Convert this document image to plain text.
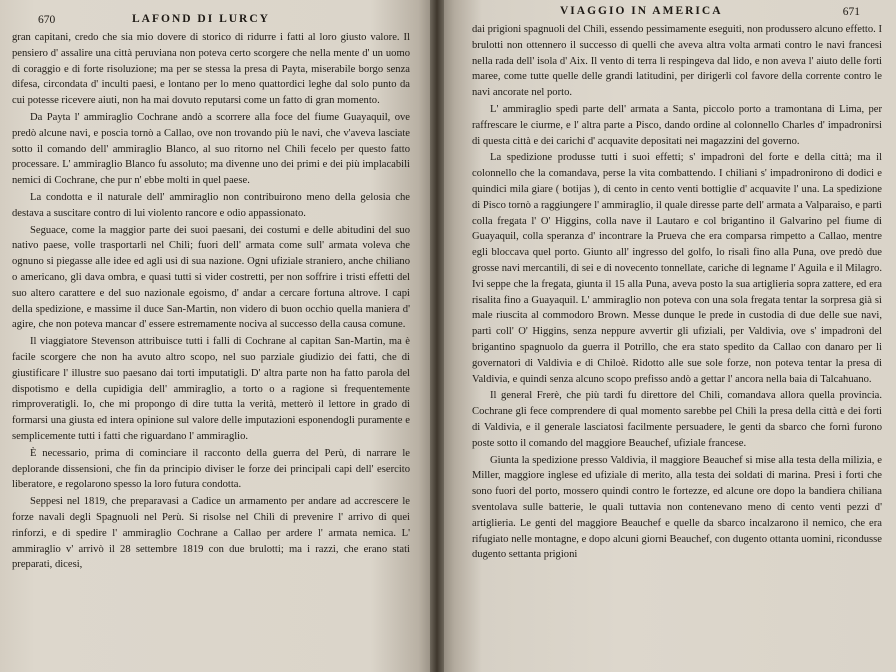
670	LAFOND DI LURCY

gran capitani, credo che sia mio dovere di storico di ridurre i fatti al loro giusto valore. Il pensiero d' assalire una città peruviana non poteva certo scorgere che nella mente d' un uomo di coraggio e di forte risoluzione; ma per se stessa la presa di Payta, miserabile borgo senza difesa, circondata d' inculti paesi, e lontano per lo meno quattordici leghe dal solo punto da cui potesse ricevere aiuti, non ha mai dovuto reputarsi come un fatto di gran momento.

Da Payta l' ammiraglio Cochrane andò a scorrere alla foce del fiume Guayaquil, ove predò alcune navi, e poscia tornò a Callao, ove non trovando più le navi, che v'aveva lasciate sotto il comando dell' ammiraglio Blanco, al suo ritorno nel Chilì fecelo per questo fatto processare. L' ammiraglio Blanco fu assoluto; ma divenne uno dei primi e dei più implacabili nemici di Cochrane, che pur n' ebbe molti in quel paese.

La condotta e il naturale dell' ammiraglio non contribuirono meno della gelosia che destava a suscitare contro di lui violento rancore e odio appassionato.

Seguace, come la maggior parte dei suoi paesani, dei costumi e delle abitudini del suo nativo paese, volle trasportarli nel Chilì; fuori dell' armata come sull' armata voleva che ognuno si piegasse alle idee ed agli usi di sua nazione. Ogni ufiziale straniero, anche chiliano o americano, gli dava ombra, e quasi tutti si vider costretti, per non soffrire i tristi effetti del suo altero carattere e del suo nazionale egoismo, d' andar a cercare fortuna altrove. I capi della spedizione, e massime il duce San-Martin, non videro di buon occhio quella maniera d' agire, che non poteva mancar d' essere estremamente nociva al successo della causa comune.

Il viaggiatore Stevenson attribuisce tutti i falli di Cochrane al capitan San-Martin, ma è facile scorgere che non ha avuto altro scopo, nel suo parziale giudizio dei fatti, che di giustificare l' illustre suo paesano dai torti imputatigli. D' altra parte non ha fatto parola del dispotismo e della cupidigia dell' ammiraglio, a torto o a ragione sì frequentemente rimproveratigli. Io, che mi propongo di dire tutta la verità, metterò il lettore in grado di formarsi una giusta ed intera opinione sul valore delle imputazioni esponendogli puramente e semplicemente tutti i fatti che riguardano l' ammiraglio.

È necessario, prima di cominciare il racconto della guerra del Perù, di narrare le deplorande dissensioni, che fin da principio diviser le forze dei principali capi dell' esercito liberatore, e regolarono spesso la loro futura condotta.

Seppesi nel 1819, che preparavasi a Cadice un armamento per andare ad accrescere le forze navali degli Spagnuoli nel Perù. Si risolse nel Chilì di prevenire l' arrivo di quei rinforzi, e di spedire l' ammiraglio Cochrane a Callao per ardere l' armata nemica. L' ammiraglio v' arrivò il 28 settembre 1819 con due brulotti; ma i razzi, che erano stati preparati, dicesi,

VIAGGIO IN AMERICA	671

dai prigioni spagnuoli del Chilì, essendo pessimamente eseguiti, non produssero alcuno effetto. I brulotti non ottennero il successo di quelli che aveva altra volta armati contro le navi francesi nella rada dell' isola d' Aix. Il vento di terra li respingeva dal lido, e non aveva l' aiuto delle forti maree, come tutte quelle delle grandi latitudini, per dirigerli col favore della corrente contro le navi ancorate nel porto.

L' ammiraglio spedì parte dell' armata a Santa, piccolo porto a tramontana di Lima, per raffrescare le ciurme, e l' altra parte a Pisco, dando ordine al colonnello Charles d' impadronirsi di questa città e dei carichi d' acquavite depositati nei magazzini del governo.

La spedizione produsse tutti i suoi effetti; s' impadronì del forte e della città; ma il colonnello che la comandava, perse la vita combattendo. I chiliani s' impadronirono di dodici e quindici mila giare ( botijas ), di cento in cento venti bottiglie d' acquavite l' una. La spedizione di Pisco tornò a raggiungere l' ammiraglio, il quale diresse parte dell' armata a Valparaiso, e partì colla fregata l' O' Higgins, colla nave il Lautaro e col brigantino il Galvarino pel fiume di Guayaquil, colla speranza d' incontrare la Prueva che era comparsa rimpetto a Callao, mentre egli bloccava quel porto. Giunto all' ingresso del golfo, lo risalì fino alla Puna, ove predò due grosse navi mercantili, di sei e di novecento tonnellate, cariche di legname l' Aguila e il Milagro. Ivi seppe che la fregata, giunta il 15 alla Puna, aveva posto la sua artiglieria sopra zattere, ed era risalita fino a Guayaquil. L' ammiraglio non poteva con una sola fregata tentar la sorpresa già sì male riuscita al commodoro Brown. Messe dunque le prede in custodia di due delle sue navi, partì coll' O' Higgins, senza neppure avvertir gli ufiziali, per Valdivia, ove s' impadronì del brigantino spagnuolo da guerra il Potrillo, che era stato spedito da Callao con danaro per li governatori di Valdivia e di Chiloè. Ridotto alle sue sole forze, non poteva tentar la presa di Valdivia, e quindi senza alcuno scopo prefisso andò a gettar l' ancora nella baia di Talcahuano.

Il general Frerè, che più tardi fu direttore del Chilì, comandava allora quella provincia. Cochrane gli fece comprendere di qual momento sarebbe pel Chilì la presa della città e dei forti di Valdivia, e il generale lasciatosi facilmente persuadere, le genti da sbarco che fornì furono poste sotto il comando del maggiore Beauchef, ufiziale francese.

Giunta la spedizione presso Valdivia, il maggiore Beauchef si mise alla testa della milizia, e Miller, maggiore inglese ed ufiziale di merito, alla testa dei soldati di marina. Presi i forti che sono fuori del porto, mossero quindi contro le fortezze, ed alcune ore dopo la bandiera chiliana sventolava sulle batterie, le quali tuttavia non contenevano meno di cento venti pezzi d' artiglieria. Le genti del maggiore Beauchef e quelle da sbarco incalzarono il nemico, che era rifugiato nelle montagne, e dopo alcuni giorni Beauchef, con dugento ottanta uomini, ricondusse dugento settanta prigioni
